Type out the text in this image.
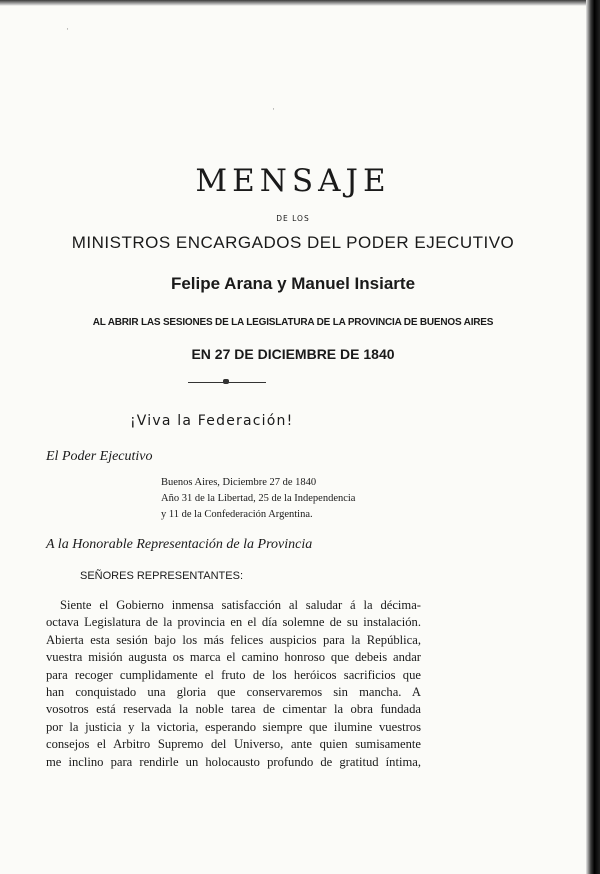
·
·
MENSAJE
DE LOS
MINISTROS ENCARGADOS DEL PODER EJECUTIVO
Felipe Arana y Manuel Insiarte
AL ABRIR LAS SESIONES DE LA LEGISLATURA DE LA PROVINCIA DE BUENOS AIRES
EN 27 DE DICIEMBRE DE 1840
¡Viva la Federación!
El Poder Ejecutivo
Buenos Aires, Diciembre 27 de 1840
Año 31 de la Libertad, 25 de la Independencia
y 11 de la Confederación Argentina.
A la Honorable Representación de la Provincia
SEÑORES REPRESENTANTES:
Siente el Gobierno inmensa satisfacción al saludar á la décima-
octava Legislatura de la provincia en el día solemne de su instalación.
Abierta esta sesión bajo los más felices auspicios para la República,
vuestra misión augusta os marca el camino honroso que debeis andar
para recoger cumplidamente el fruto de los heróicos sacrificios que
han conquistado una gloria que conservaremos sin mancha. A
vosotros está reservada la noble tarea de cimentar la obra fundada
por la justicia y la victoria, esperando siempre que ilumine vuestros
consejos el Arbitro Supremo del Universo, ante quien sumisamente
me inclino para rendirle un holocausto profundo de gratitud íntima,
